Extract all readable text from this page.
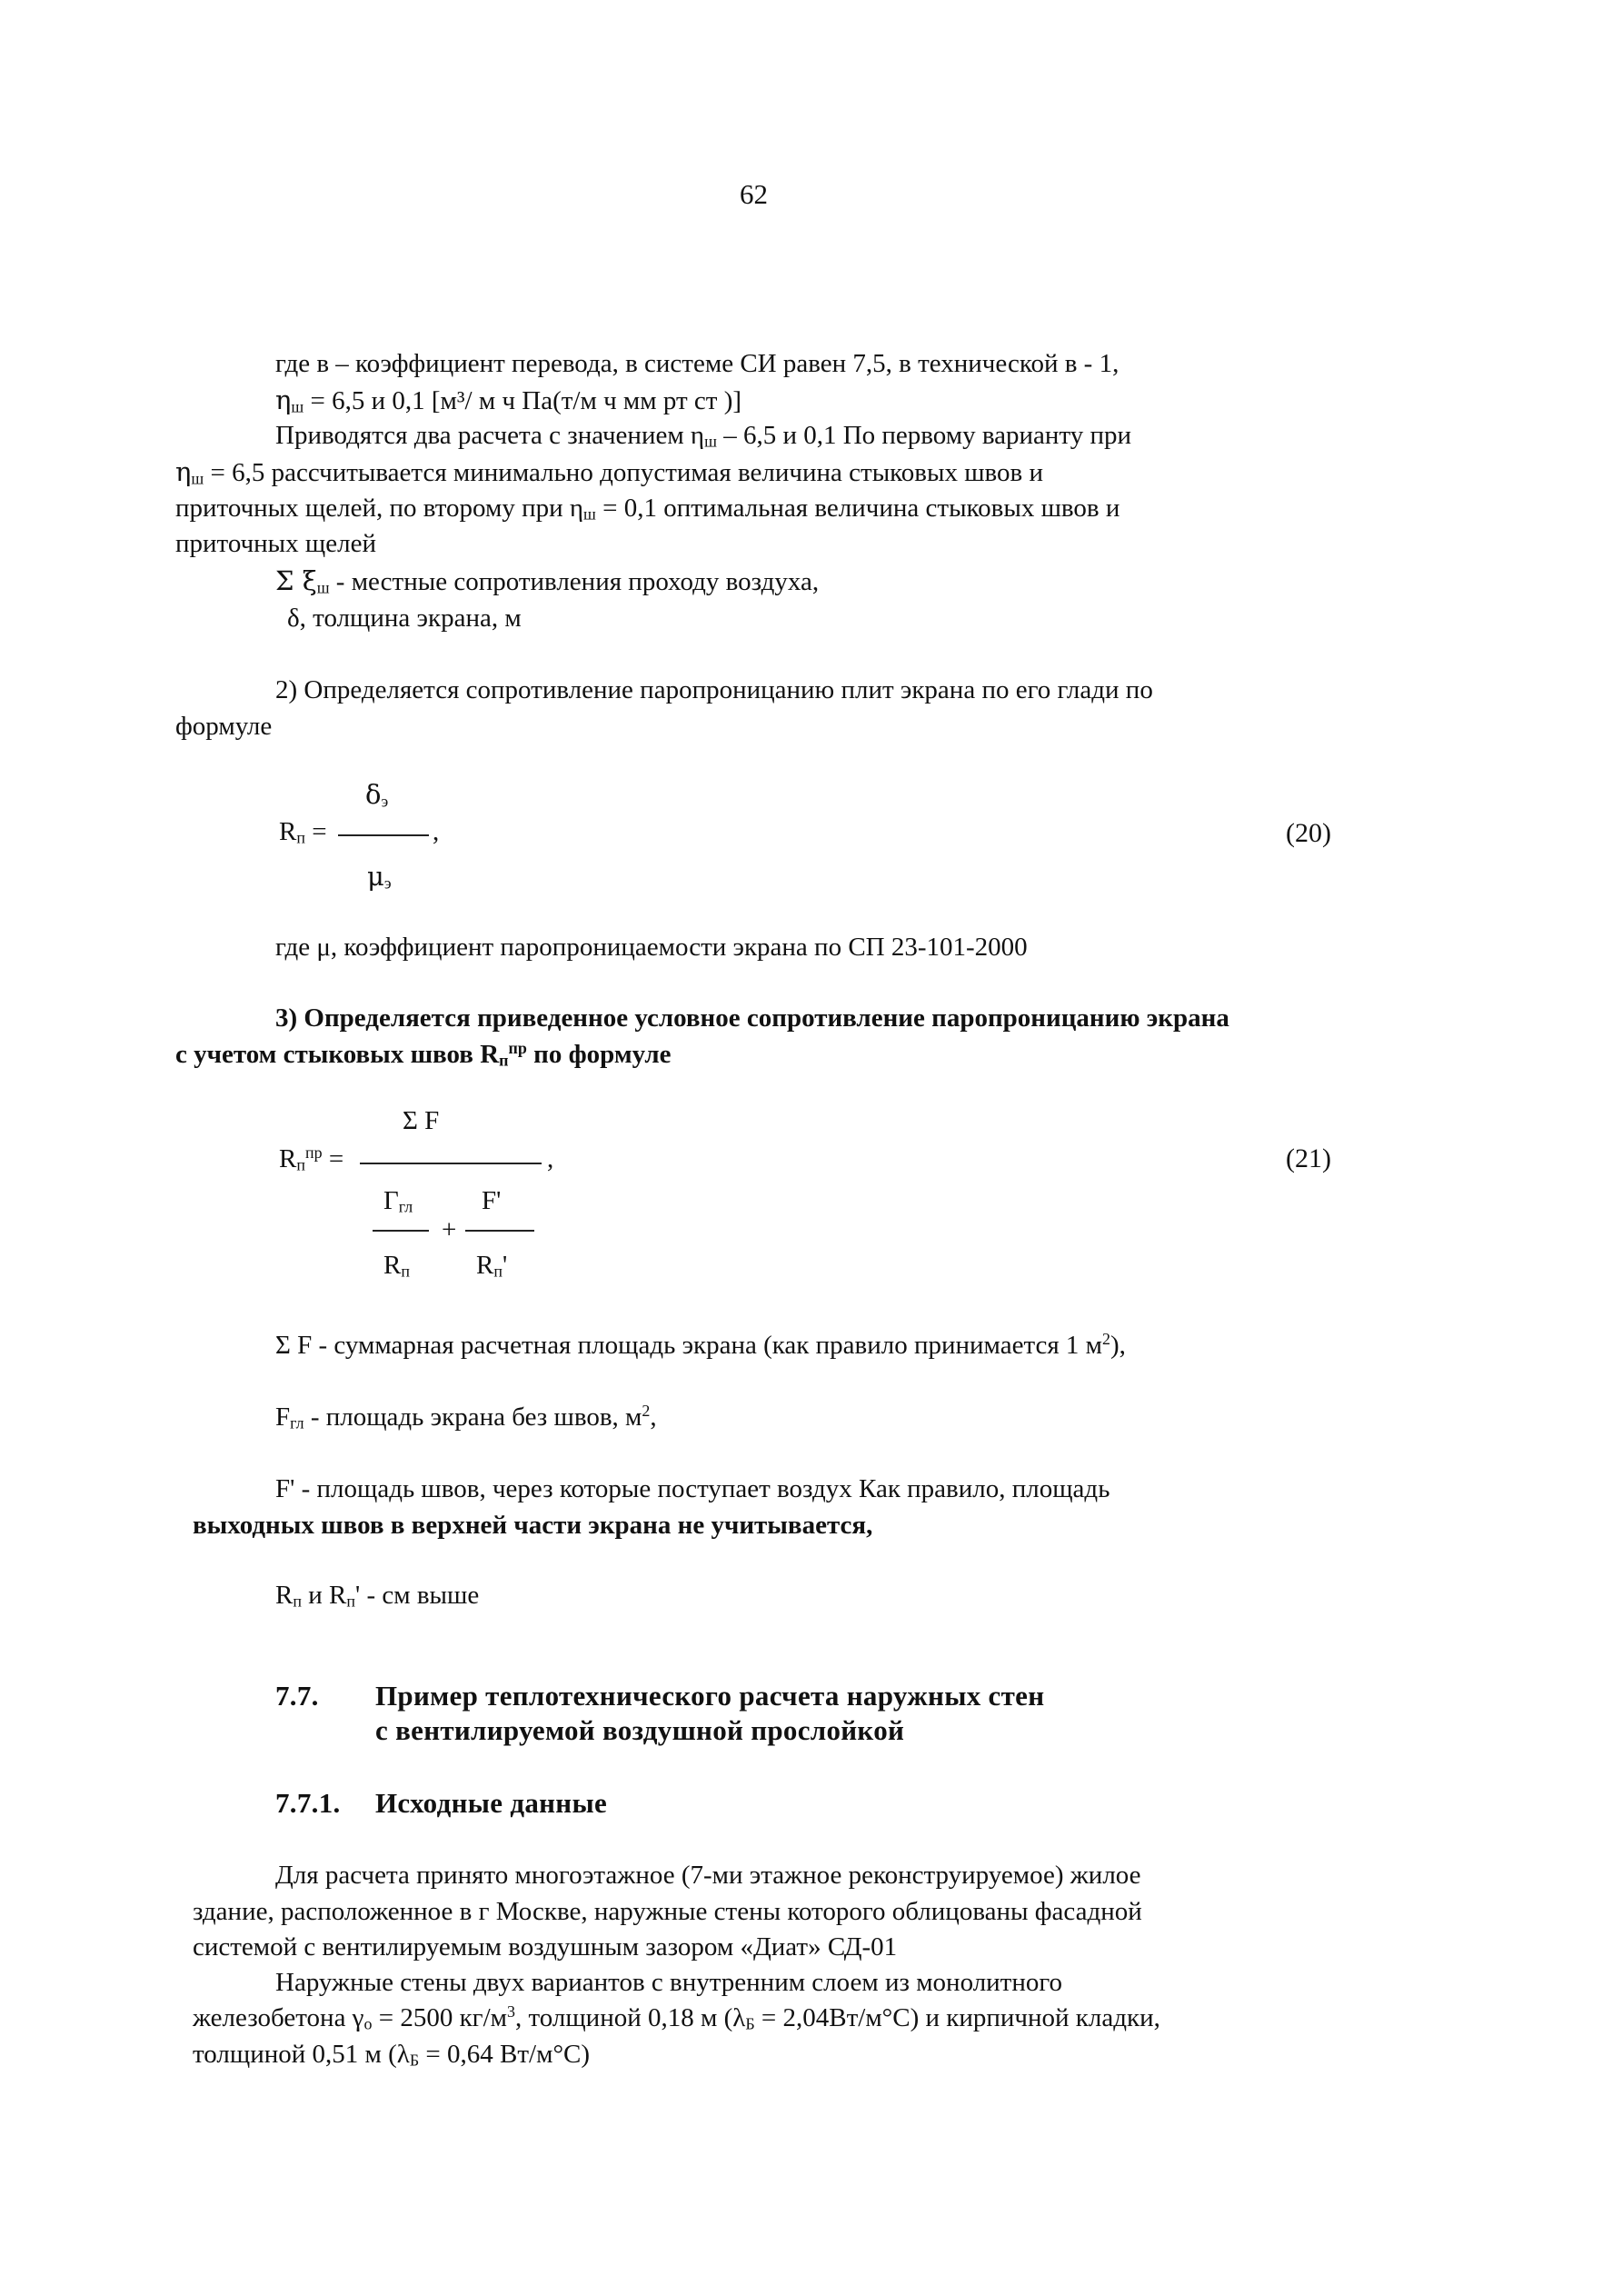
62
где в – коэффициент перевода, в системе СИ равен 7,5, в технической в - 1,
$\eta_ш = 6,5$ и 0,1 [м³/ м ч Па(т/м ч мм рт ст )]
Приводятся два расчета с значением $\eta_ш - 6,5$ и 0,1 По первому варианту при
$\eta_ш = 6,5$ рассчитывается минимально допустимая величина стыковых швов и
приточных щелей, по второму при $\eta_ш = 0,1$ оптимальная величина стыковых швов и
приточных щелей
Σ $\xi_ш$ - местные сопротивления проходу воздуха,
δ, толщина экрана, м
2) Определяется сопротивление паропроницанию плит экрана по его глади по
формуле
$\delta_э$
$R_п$ =	,
$\mu_э$
(20)
где μ, коэффициент паропроницаемости экрана по СП 23-101-2000
3) Определяется приведенное условное сопротивление паропроницанию экрана
с учетом стыковых швов $R_п^{пр}$ по формуле
Σ F
$R_п^{пр}$ =	,
$Г_{гл}$	F'
+
$R_п$	$R_п'$
(21)
Σ F - суммарная расчетная площадь экрана (как правило принимается 1 $м^2$),
$F_{гл}$ - площадь экрана без швов, $м^2$,
F' - площадь швов, через которые поступает воздух Как правило, площадь
выходных швов в верхней части экрана не учитывается,
$R_п$ и $R_п'$ - см выше
7.7. Пример теплотехнического расчета наружных стен
с вентилируемой воздушной прослойкой
7.7.1. Исходные данные
Для расчета принято многоэтажное (7-ми этажное реконструируемое) жилое
здание, расположенное в г Москве, наружные стены которого облицованы фасадной
системой с вентилируемым воздушным зазором «Диат» СД-01
Наружные стены двух вариантов с внутренним слоем из монолитного
железобетона $\gamma_о = 2500$ $кг/м^3$, толщиной 0,18 м $(\lambda_Б = 2,04Вт/м^\circ С)$ и кирпичной кладки,
толщиной 0,51 м ($\lambda_Б = 0,64$ Вт/м°С)
